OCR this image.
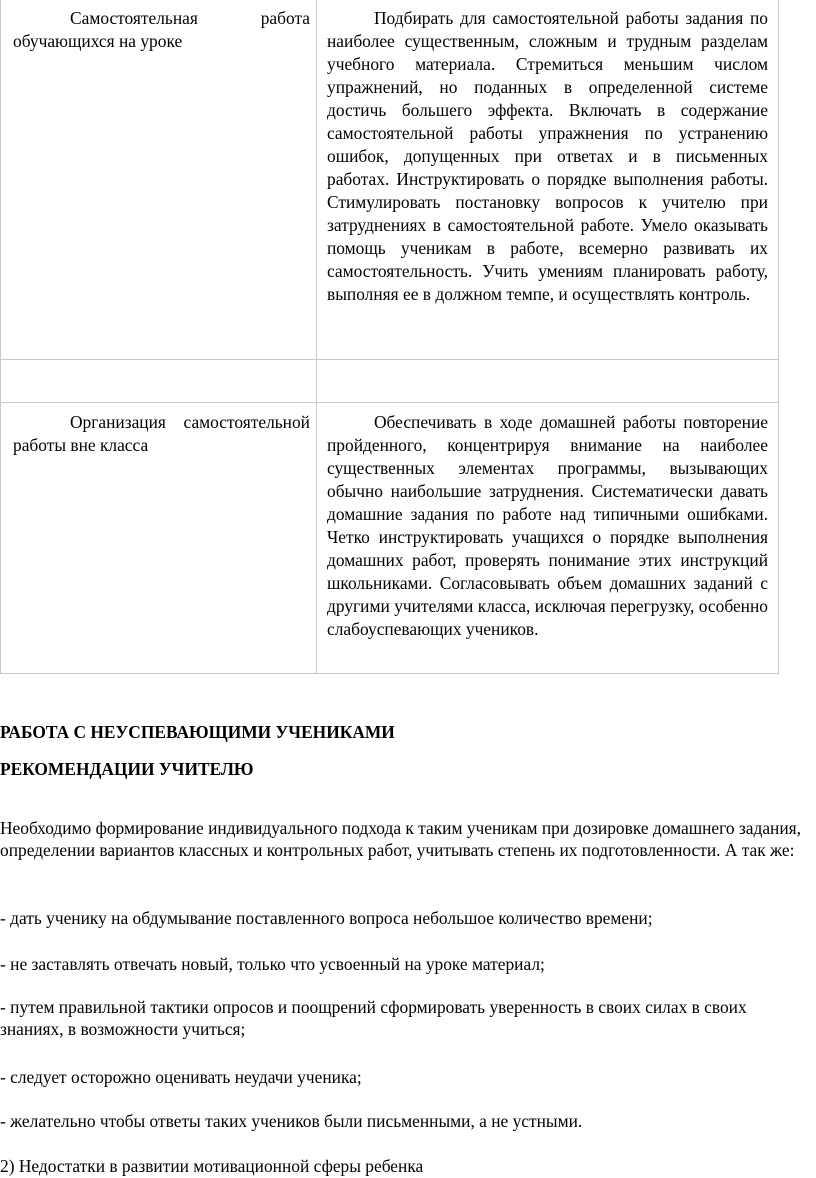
Самостоятельная работа обучающихся на уроке	Подбирать для самостоятельной работы задания по наиболее существенным, сложным и трудным разделам учебного материала. Стремиться меньшим числом упражнений, но поданных в определенной системе достичь большего эффекта. Включать в содержание самостоятельной работы упражнения по устранению ошибок, допущенных при ответах и в письменных работах. Инструктировать о порядке выполнения работы. Стимулировать постановку вопросов к учителю при затруднениях в самостоятельной работе. Умело оказывать помощь ученикам в работе, всемерно развивать их самостоятельность. Учить умениям планировать работу, выполняя ее в должном темпе, и осуществлять контроль.

Организация самостоятельной работы вне класса	Обеспечивать в ходе домашней работы повторение пройденного, концентрируя внимание на наиболее существенных элементах программы, вызывающих обычно наибольшие затруднения. Систематически давать домашние задания по работе над типичными ошибками. Четко инструктировать учащихся о порядке выполнения домашних работ, проверять понимание этих инструкций школьниками. Согласовывать объем домашних заданий с другими учителями класса, исключая перегрузку, особенно слабоуспевающих учеников.

РАБОТА С НЕУСПЕВАЮЩИМИ УЧЕНИКАМИ

РЕКОМЕНДАЦИИ УЧИТЕЛЮ

Необходимо формирование индивидуального подхода к таким ученикам при дозировке домашнего задания, определении вариантов классных и контрольных работ, учитывать степень их подготовленности. А так же:

- дать ученику на обдумывание поставленного вопроса небольшое количество времени;

- не заставлять отвечать новый, только что усвоенный на уроке материал;

- путем правильной тактики опросов и поощрений сформировать уверенность в своих силах в своих знаниях, в возможности учиться;

- следует осторожно оценивать неудачи ученика;

- желательно чтобы ответы таких учеников были письменными, а не устными.

2) Недостатки в развитии мотивационной сферы ребенка
